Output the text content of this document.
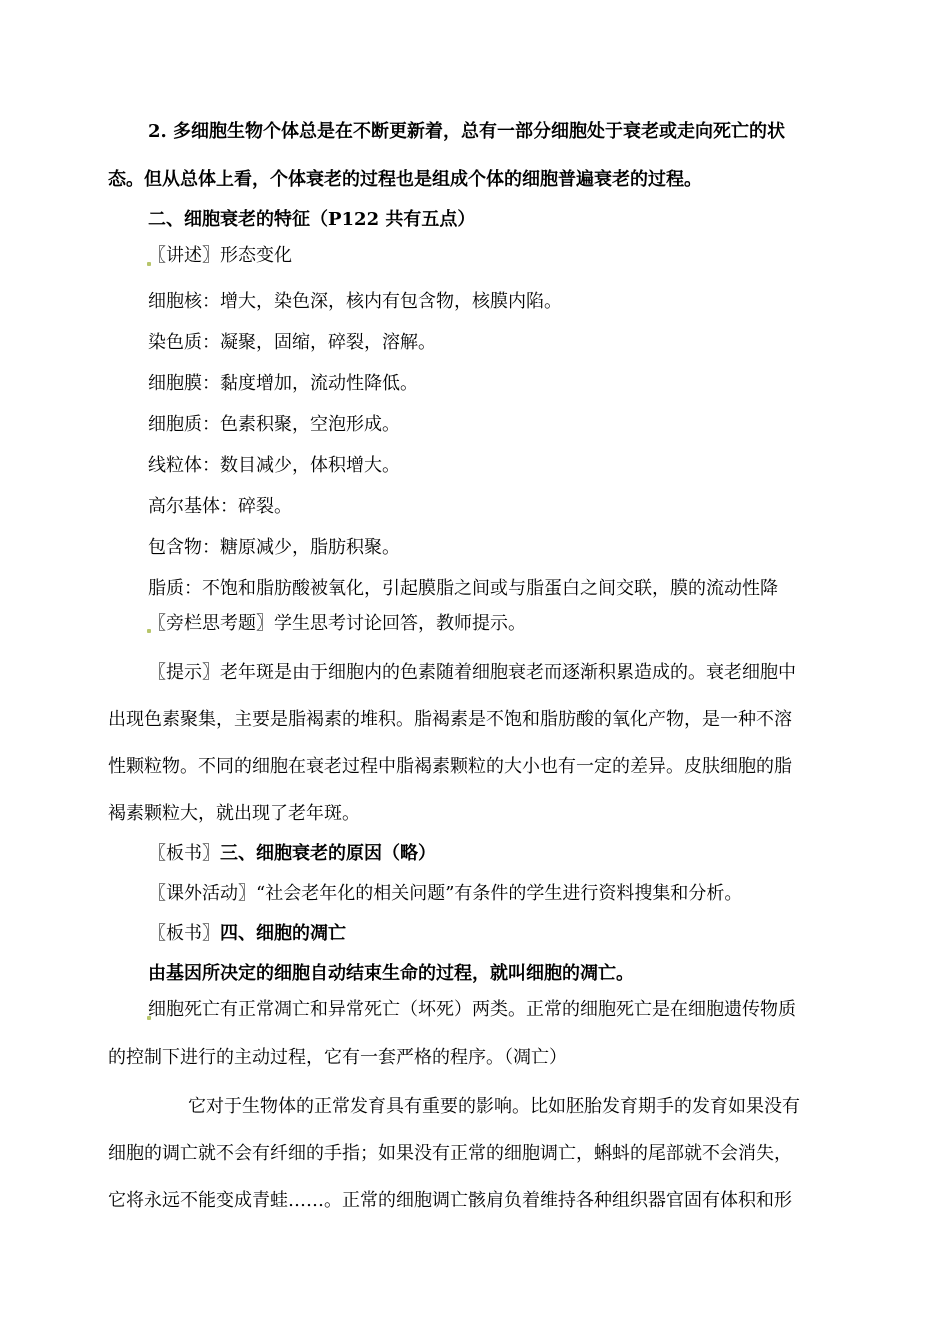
2. 多细胞生物个体总是在不断更新着，总有一部分细胞处于衰老或走向死亡的状
态。但从总体上看，个体衰老的过程也是组成个体的细胞普遍衰老的过程。
二、细胞衰老的特征（P122 共有五点）
〖讲述〗形态变化
细胞核：增大，染色深，核内有包含物，核膜内陷。
染色质：凝聚，固缩，碎裂，溶解。
细胞膜：黏度增加，流动性降低。
细胞质：色素积聚，空泡形成。
线粒体：数目减少，体积增大。
高尔基体：碎裂。
包含物：糖原减少，脂肪积聚。
脂质：不饱和脂肪酸被氧化，引起膜脂之间或与脂蛋白之间交联，膜的流动性降
〖旁栏思考题〗学生思考讨论回答，教师提示。
〖提示〗老年斑是由于细胞内的色素随着细胞衰老而逐渐积累造成的。衰老细胞中
出现色素聚集，主要是脂褐素的堆积。脂褐素是不饱和脂肪酸的氧化产物，是一种不溶
性颗粒物。不同的细胞在衰老过程中脂褐素颗粒的大小也有一定的差异。皮肤细胞的脂
褐素颗粒大，就出现了老年斑。
〖板书〗三、细胞衰老的原因（略）
〖课外活动〗“社会老年化的相关问题”有条件的学生进行资料搜集和分析。
〖板书〗四、细胞的凋亡
由基因所决定的细胞自动结束生命的过程，就叫细胞的凋亡。
细胞死亡有正常凋亡和异常死亡（坏死）两类。正常的细胞死亡是在细胞遗传物质
的控制下进行的主动过程，它有一套严格的程序。（凋亡）
它对于生物体的正常发育具有重要的影响。比如胚胎发育期手的发育如果没有
细胞的调亡就不会有纤细的手指；如果没有正常的细胞调亡，蝌蚪的尾部就不会消失，
它将永远不能变成青蛙……。正常的细胞调亡骸肩负着维持各种组织器官固有体积和形
